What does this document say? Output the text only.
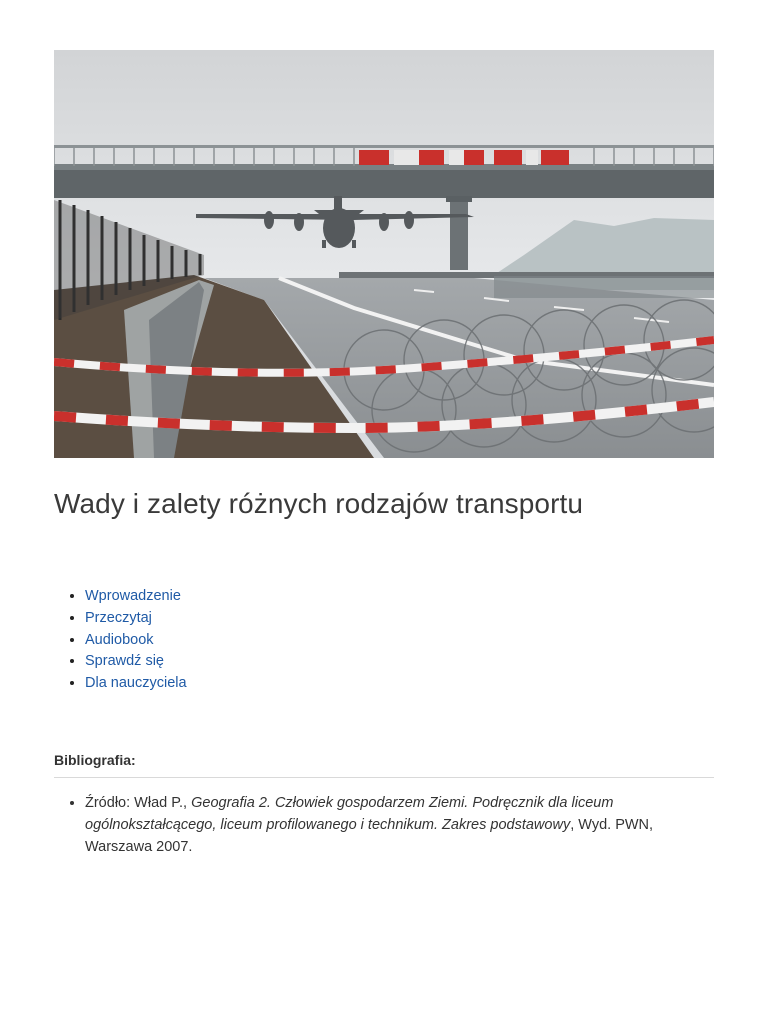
Wady i zalety różnych rodzajów transportu
• Wprowadzenie
• Przeczytaj
• Audiobook
• Sprawdź się
• Dla nauczyciela
Bibliografia:
• Źródło: Wład P., Geografia 2. Człowiek gospodarzem Ziemi. Podręcznik dla liceum ogólnokształcącego, liceum profilowanego i technikum. Zakres podstawowy, Wyd. PWN, Warszawa 2007.
